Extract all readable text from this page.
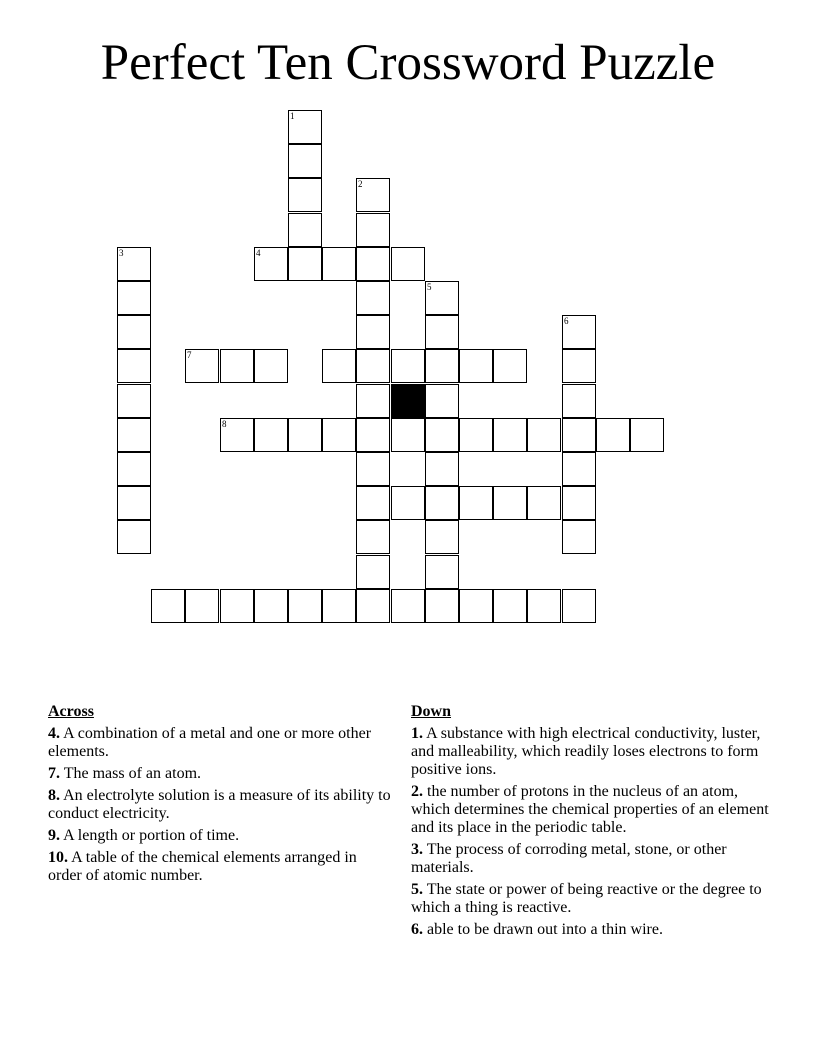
Perfect Ten Crossword Puzzle
1
2
3	4
5
6
7
8
Across
4. A combination of a metal and one or more other elements.
7. The mass of an atom.
8. An electrolyte solution is a measure of its ability to conduct electricity.
9. A length or portion of time.
10. A table of the chemical elements arranged in order of atomic number.
Down
1. A substance with high electrical conductivity, luster, and malleability, which readily loses electrons to form positive ions.
2. the number of protons in the nucleus of an atom, which determines the chemical properties of an element and its place in the periodic table.
3. The process of corroding metal, stone, or other materials.
5. The state or power of being reactive or the degree to which a thing is reactive.
6. able to be drawn out into a thin wire.
